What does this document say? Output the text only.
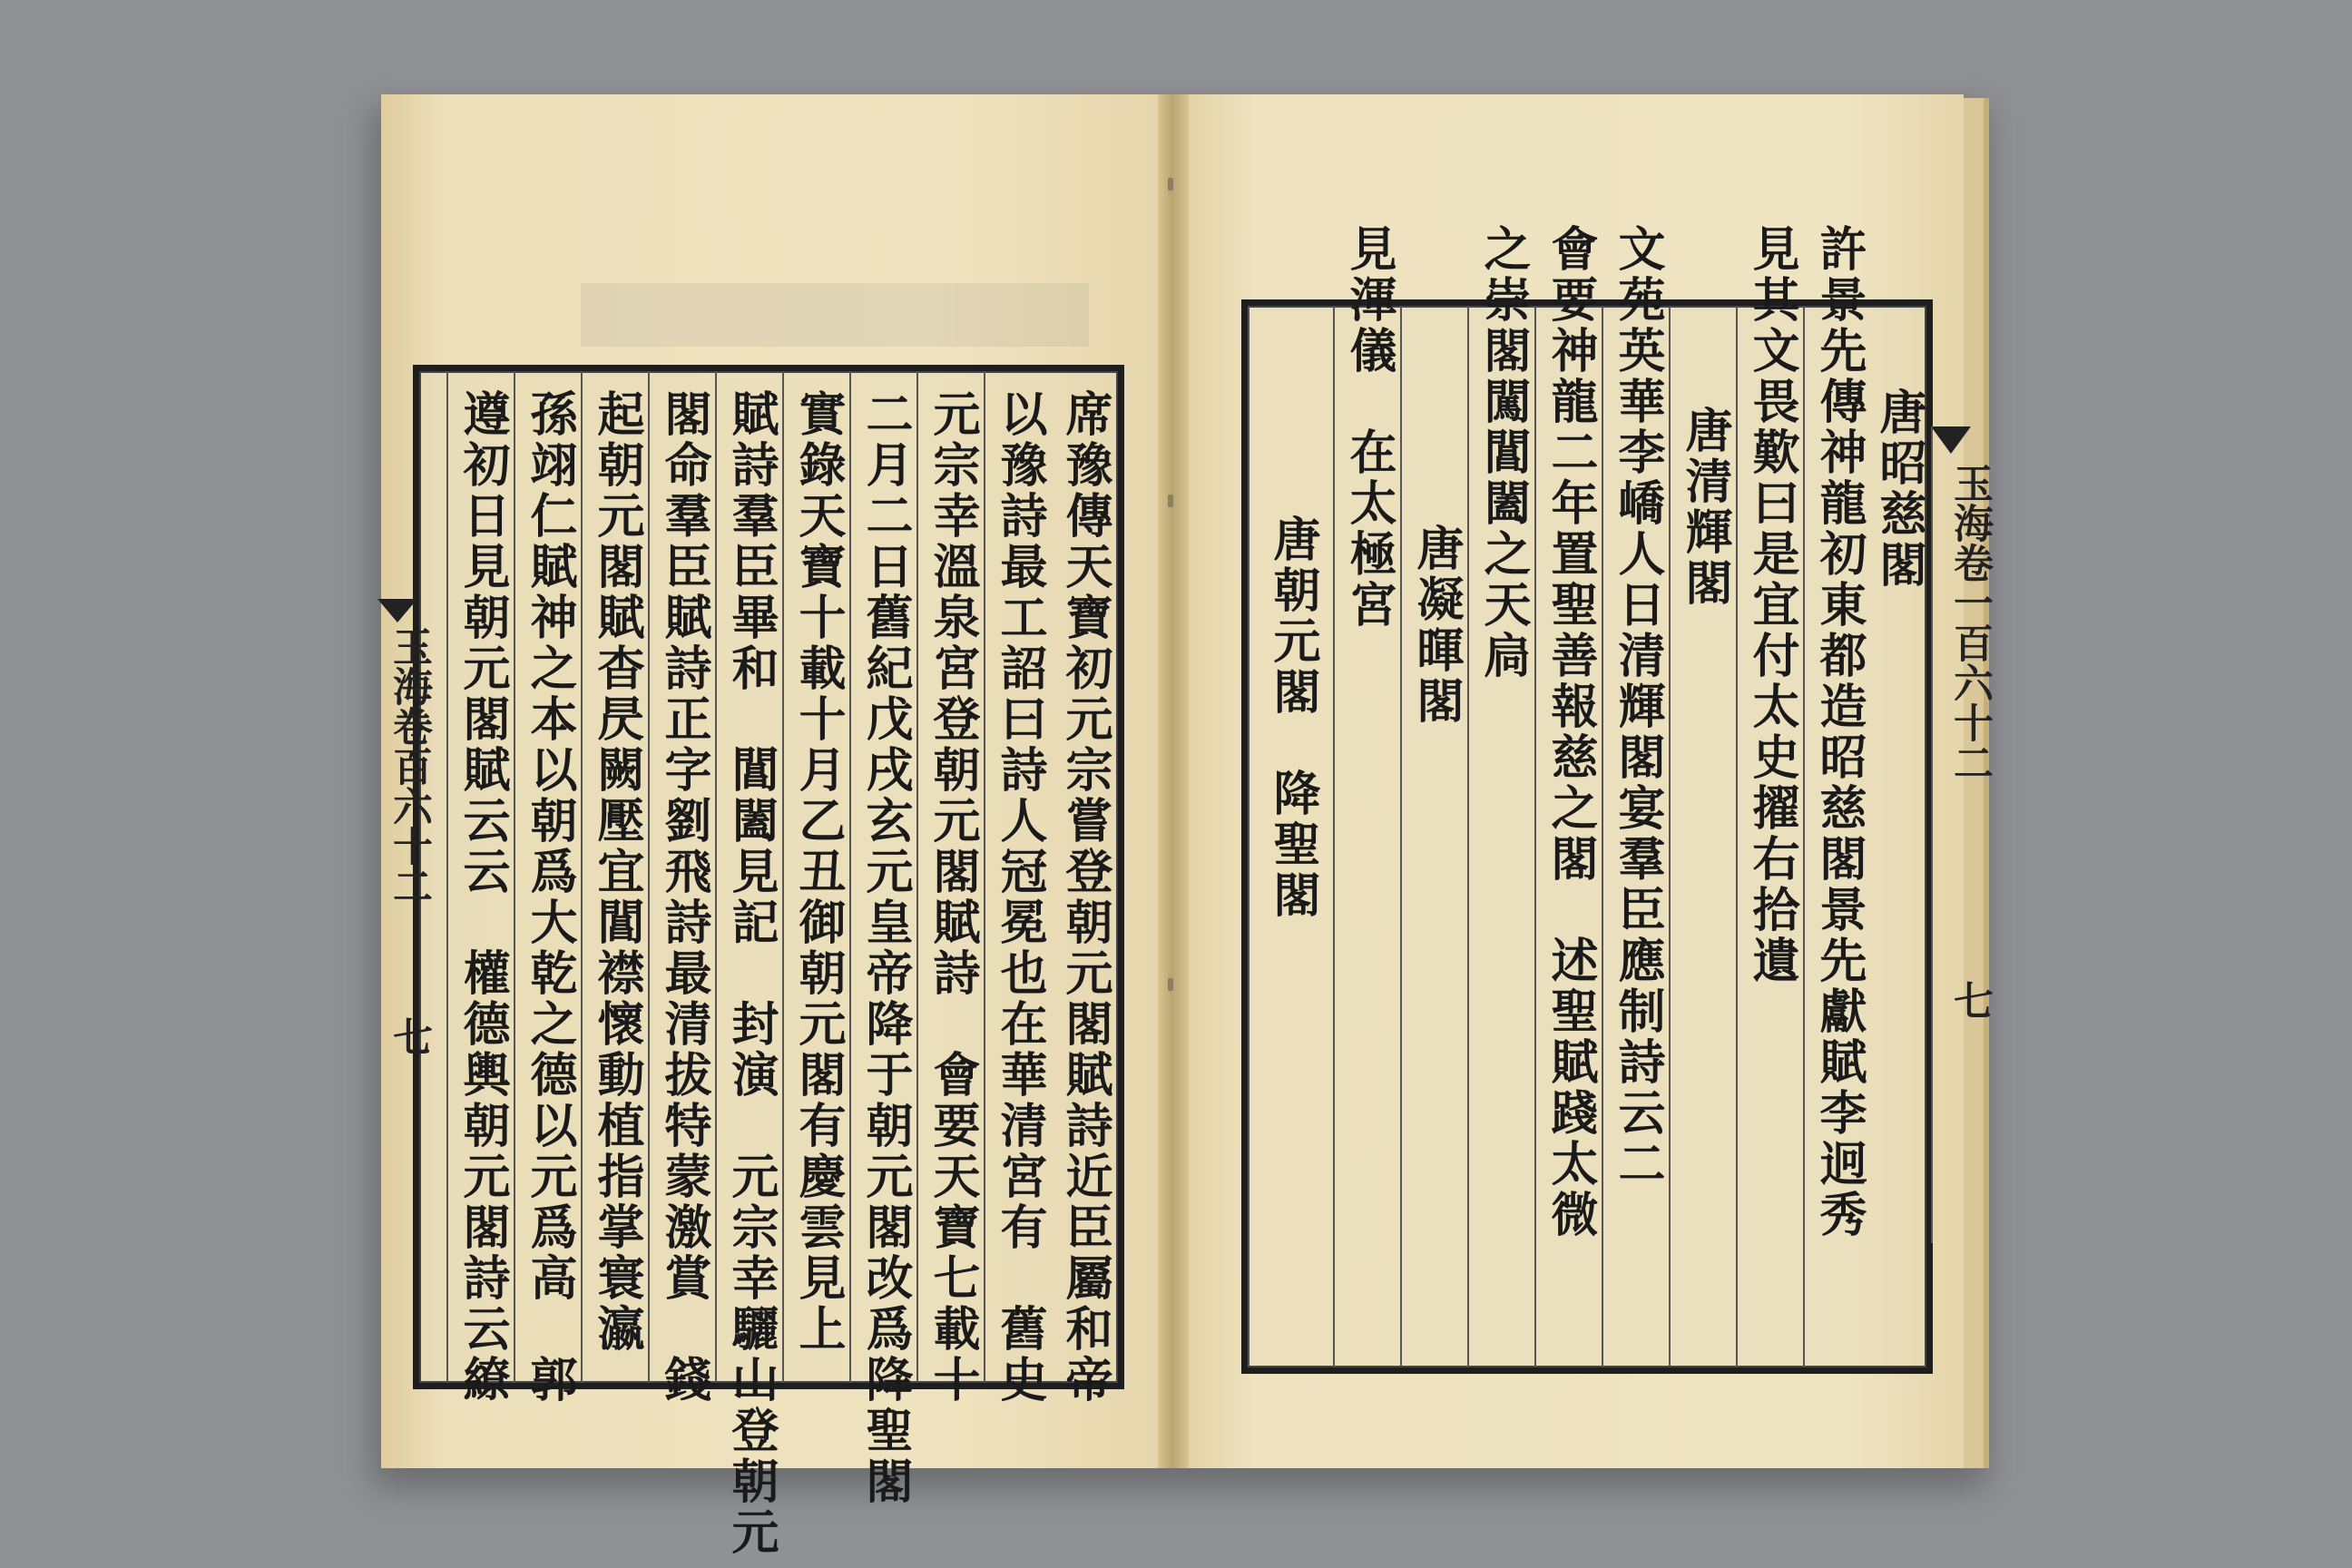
唐昭慈閣
許景先傳神龍初東都造昭慈閣景先獻賦李迥秀
見其文畏歎曰是宜付太史擢右拾遺
唐清輝閣
文苑英華李嶠人日清輝閣宴羣臣應制詩云二
會要神龍二年置聖善報慈之閣　述聖賦踐太微
之崇閣闖閶闔之天扃
唐凝暉閣
見渾儀　在太極宮
唐朝元閣　降聖閣	玉海卷一百六十二
七
席豫傳天寶初元宗嘗登朝元閣賦詩近臣屬和帝
以豫詩最工詔曰詩人冠冕也在華清宮有　舊史
元宗幸溫泉宮登朝元閣賦詩　會要天寶七載十
二月二日舊紀戊戌玄元皇帝降于朝元閣改爲降聖閣
實錄天寶十載十月乙丑御朝元閣有慶雲見上
賦詩羣臣畢和　閶闔見記　封演　元宗幸驪山登朝元
閣命羣臣賦詩正字劉飛詩最清拔特蒙激賞　錢
起朝元閣賦杳昃闕壓宜閶襟懷動植指掌寰瀛
孫翊仁賦神之本以朝爲大乾之德以元爲高　郭
遵初日見朝元閣賦云云　權德輿朝元閣詩云繚
玉海卷百六十二
七
